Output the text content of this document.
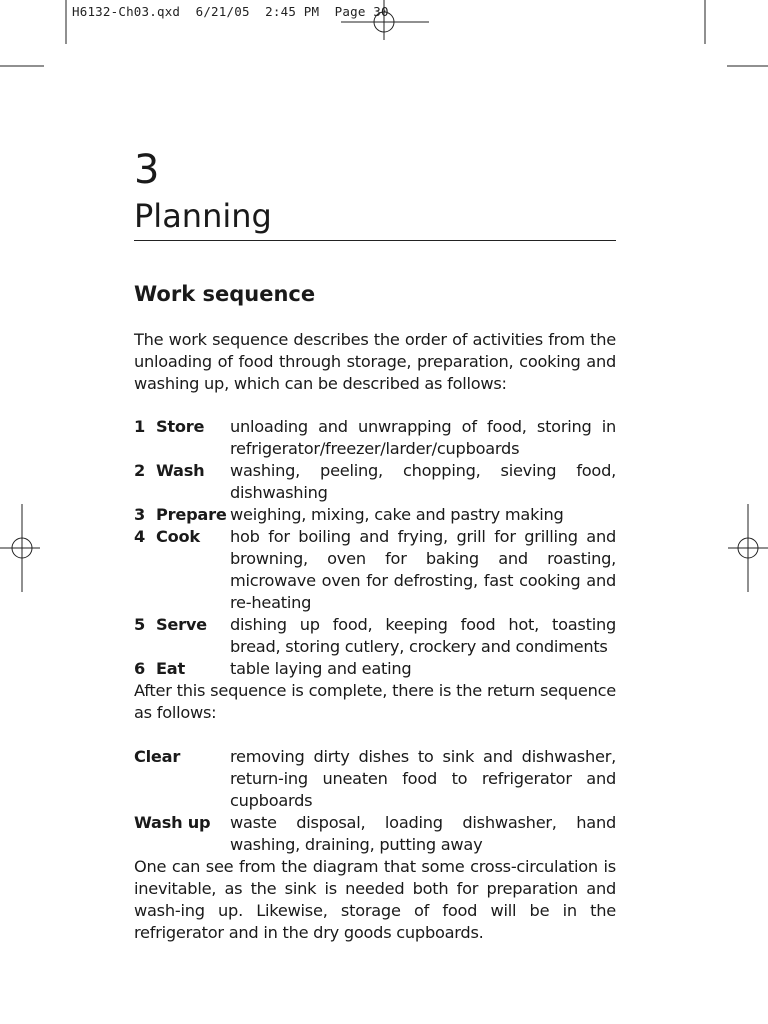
H6132-Ch03.qxd  6/21/05  2:45 PM  Page 30
3
Planning
Work sequence

The work sequence describes the order of activities from the unloading of food through storage, preparation, cooking and washing up, which can be described as follows:

1 Store	unloading and unwrapping of food, storing in refrigerator/freezer/larder/cupboards
2 Wash	washing, peeling, chopping, sieving food, dishwashing
3 Prepare weighing, mixing, cake and pastry making
4 Cook	hob for boiling and frying, grill for grilling and browning, oven for baking and roasting, microwave oven for defrosting, fast cooking and re-heating
5 Serve	dishing up food, keeping food hot, toasting bread, storing cutlery, crockery and condiments
6 Eat	table laying and eating

After this sequence is complete, there is the return sequence as follows:

Clear	removing dirty dishes to sink and dishwasher, return-ing uneaten food to refrigerator and cupboards
Wash up	waste disposal, loading dishwasher, hand washing, draining, putting away

One can see from the diagram that some cross-circulation is inevitable, as the sink is needed both for preparation and wash-ing up. Likewise, storage of food will be in the refrigerator and in the dry goods cupboards.
